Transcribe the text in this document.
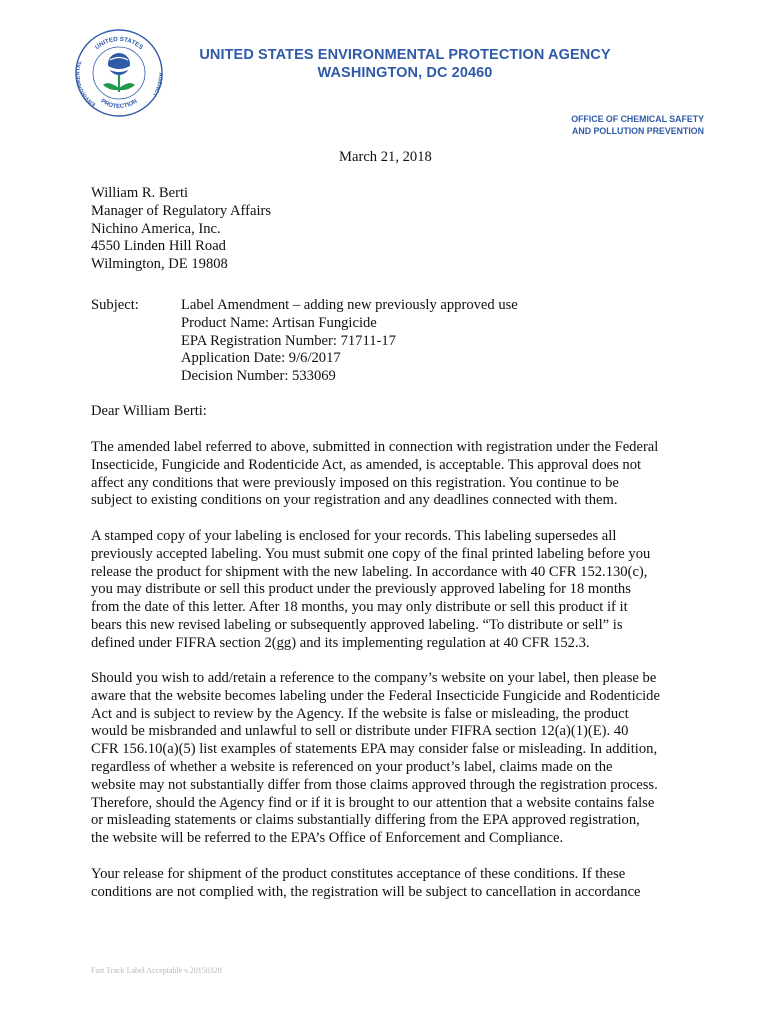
UNITED STATES
ENVIRONMENTAL
AGENCY
PROTECTION
UNITED STATES ENVIRONMENTAL PROTECTION AGENCY
WASHINGTON, DC 20460
OFFICE OF CHEMICAL SAFETY
AND POLLUTION PREVENTION
March 21, 2018
William R. Berti
Manager of Regulatory Affairs
Nichino America, Inc.
4550 Linden Hill Road
Wilmington, DE 19808
Subject:	Label Amendment – adding new previously approved use
Product Name: Artisan Fungicide
EPA Registration Number: 71711-17
Application Date: 9/6/2017
Decision Number: 533069
Dear William Berti:

The amended label referred to above, submitted in connection with registration under the Federal
Insecticide, Fungicide and Rodenticide Act, as amended, is acceptable. This approval does not
affect any conditions that were previously imposed on this registration. You continue to be
subject to existing conditions on your registration and any deadlines connected with them.

A stamped copy of your labeling is enclosed for your records. This labeling supersedes all
previously accepted labeling. You must submit one copy of the final printed labeling before you
release the product for shipment with the new labeling. In accordance with 40 CFR 152.130(c),
you may distribute or sell this product under the previously approved labeling for 18 months
from the date of this letter. After 18 months, you may only distribute or sell this product if it
bears this new revised labeling or subsequently approved labeling. “To distribute or sell” is
defined under FIFRA section 2(gg) and its implementing regulation at 40 CFR 152.3.

Should you wish to add/retain a reference to the company’s website on your label, then please be
aware that the website becomes labeling under the Federal Insecticide Fungicide and Rodenticide
Act and is subject to review by the Agency. If the website is false or misleading, the product
would be misbranded and unlawful to sell or distribute under FIFRA section 12(a)(1)(E). 40
CFR 156.10(a)(5) list examples of statements EPA may consider false or misleading. In addition,
regardless of whether a website is referenced on your product’s label, claims made on the
website may not substantially differ from those claims approved through the registration process.
Therefore, should the Agency find or if it is brought to our attention that a website contains false
or misleading statements or claims substantially differing from the EPA approved registration,
the website will be referred to the EPA’s Office of Enforcement and Compliance.

Your release for shipment of the product constitutes acceptance of these conditions. If these
conditions are not complied with, the registration will be subject to cancellation in accordance

Fast Track Label Acceptable v.20150320
